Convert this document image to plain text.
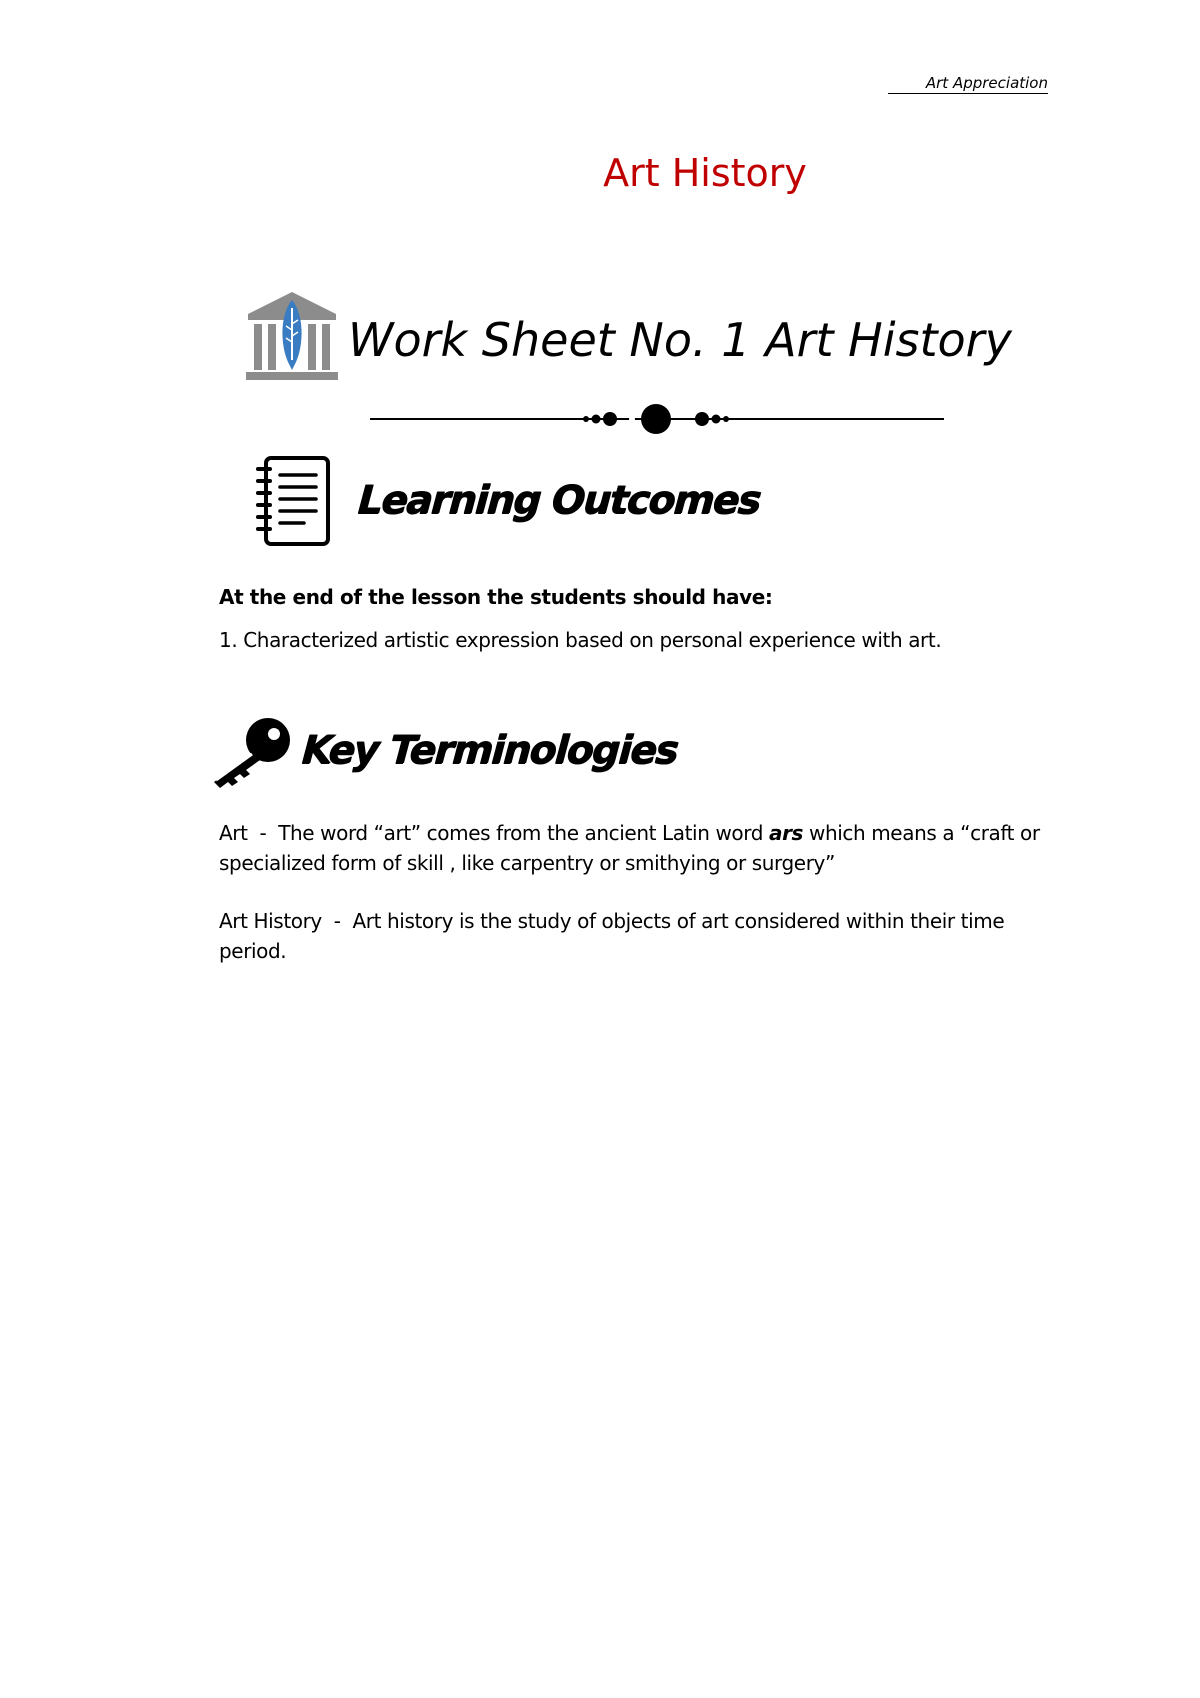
Art Appreciation
Art History
Work Sheet No. 1 Art History
Learning Outcomes
At the end of the lesson the students should have:
1. Characterized artistic expression based on personal experience with art.
Key Terminologies
Art  -  The word “art” comes from the ancient Latin word ars which means a “craft or specialized form of skill , like carpentry or smithying or surgery”
Art History  -  Art history is the study of objects of art considered within their time period.
